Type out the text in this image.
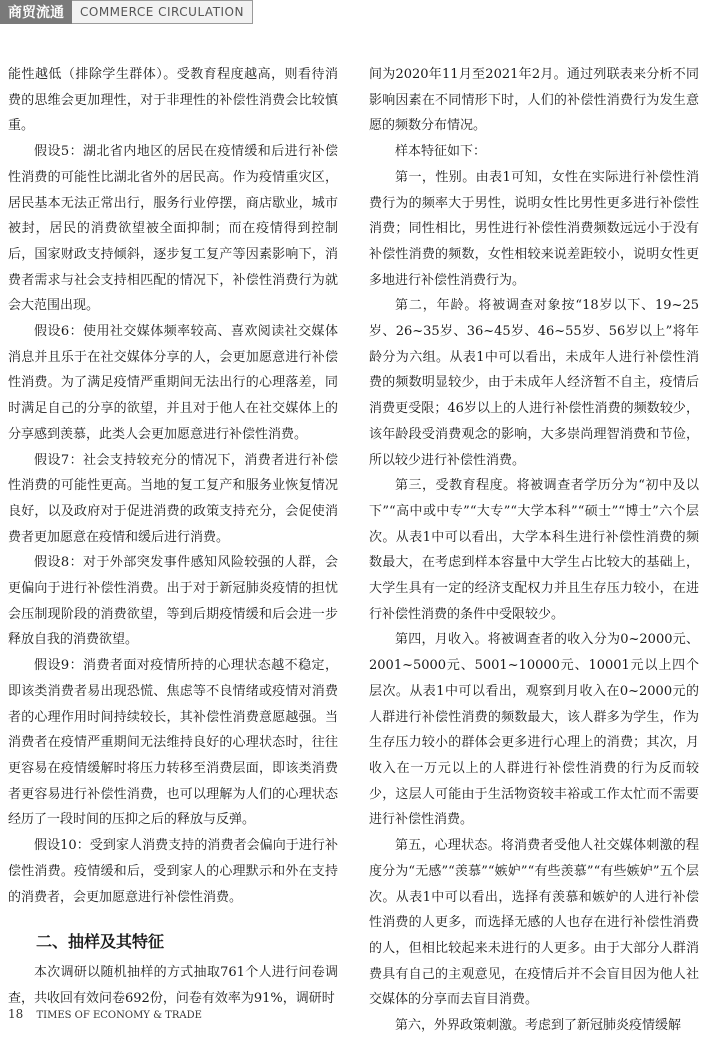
商贸流通	COMMERCE CIRCULATION

能性越低（排除学生群体）。受教育程度越高，则看待消费的思维会更加理性，对于非理性的补偿性消费会比较慎重。

假设5：湖北省内地区的居民在疫情缓和后进行补偿性消费的可能性比湖北省外的居民高。作为疫情重灾区，居民基本无法正常出行，服务行业停摆，商店歇业，城市被封，居民的消费欲望被全面抑制；而在疫情得到控制后，国家财政支持倾斜，逐步复工复产等因素影响下，消费者需求与社会支持相匹配的情况下，补偿性消费行为就会大范围出现。

假设6：使用社交媒体频率较高、喜欢阅读社交媒体消息并且乐于在社交媒体分享的人，会更加愿意进行补偿性消费。为了满足疫情严重期间无法出行的心理落差，同时满足自己的分享的欲望，并且对于他人在社交媒体上的分享感到羡慕，此类人会更加愿意进行补偿性消费。

假设7：社会支持较充分的情况下，消费者进行补偿性消费的可能性更高。当地的复工复产和服务业恢复情况良好，以及政府对于促进消费的政策支持充分，会促使消费者更加愿意在疫情和缓后进行消费。

假设8：对于外部突发事件感知风险较强的人群，会更偏向于进行补偿性消费。出于对于新冠肺炎疫情的担忧会压制现阶段的消费欲望，等到后期疫情缓和后会进一步释放自我的消费欲望。

假设9：消费者面对疫情所持的心理状态越不稳定，即该类消费者易出现恐慌、焦虑等不良情绪或疫情对消费者的心理作用时间持续较长，其补偿性消费意愿越强。当消费者在疫情严重期间无法维持良好的心理状态时，往往更容易在疫情缓解时将压力转移至消费层面，即该类消费者更容易进行补偿性消费，也可以理解为人们的心理状态经历了一段时间的压抑之后的释放与反弹。

假设10：受到家人消费支持的消费者会偏向于进行补偿性消费。疫情缓和后，受到家人的心理默示和外在支持的消费者，会更加愿意进行补偿性消费。

二、抽样及其特征

本次调研以随机抽样的方式抽取761个人进行问卷调查，共收回有效问卷692份，问卷有效率为91%，调研时

间为2020年11月至2021年2月。通过列联表来分析不同影响因素在不同情形下时，人们的补偿性消费行为发生意愿的频数分布情况。

样本特征如下：

第一，性别。由表1可知，女性在实际进行补偿性消费行为的频率大于男性，说明女性比男性更多进行补偿性消费；同性相比，男性进行补偿性消费频数远远小于没有补偿性消费的频数，女性相较来说差距较小，说明女性更多地进行补偿性消费行为。

第二，年龄。将被调查对象按“18岁以下、19~25岁、26~35岁、36~45岁、46~55岁、56岁以上”将年龄分为六组。从表1中可以看出，未成年人进行补偿性消费的频数明显较少，由于未成年人经济暂不自主，疫情后消费更受限；46岁以上的人进行补偿性消费的频数较少，该年龄段受消费观念的影响，大多崇尚理智消费和节俭，所以较少进行补偿性消费。

第三，受教育程度。将被调查者学历分为“初中及以下”“高中或中专”“大专”“大学本科”“硕士”“博士”六个层次。从表1中可以看出，大学本科生进行补偿性消费的频数最大，在考虑到样本容量中大学生占比较大的基础上，大学生具有一定的经济支配权力并且生存压力较小，在进行补偿性消费的条件中受限较少。

第四，月收入。将被调查者的收入分为0~2000元、2001~5000元、5001~10000元、10001元以上四个层次。从表1中可以看出，观察到月收入在0~2000元的人群进行补偿性消费的频数最大，该人群多为学生，作为生存压力较小的群体会更多进行心理上的消费；其次，月收入在一万元以上的人群进行补偿性消费的行为反而较少，这层人可能由于生活物资较丰裕或工作太忙而不需要进行补偿性消费。

第五，心理状态。将消费者受他人社交媒体刺激的程度分为“无感”“羡慕”“嫉妒”“有些羡慕”“有些嫉妒”五个层次。从表1中可以看出，选择有羡慕和嫉妒的人进行补偿性消费的人更多，而选择无感的人也存在进行补偿性消费的人，但相比较起来未进行的人更多。由于大部分人群消费具有自己的主观意见，在疫情后并不会盲目因为他人社交媒体的分享而去盲目消费。

第六，外界政策刺激。考虑到了新冠肺炎疫情缓解

18 TIMES OF ECONOMY & TRADE
